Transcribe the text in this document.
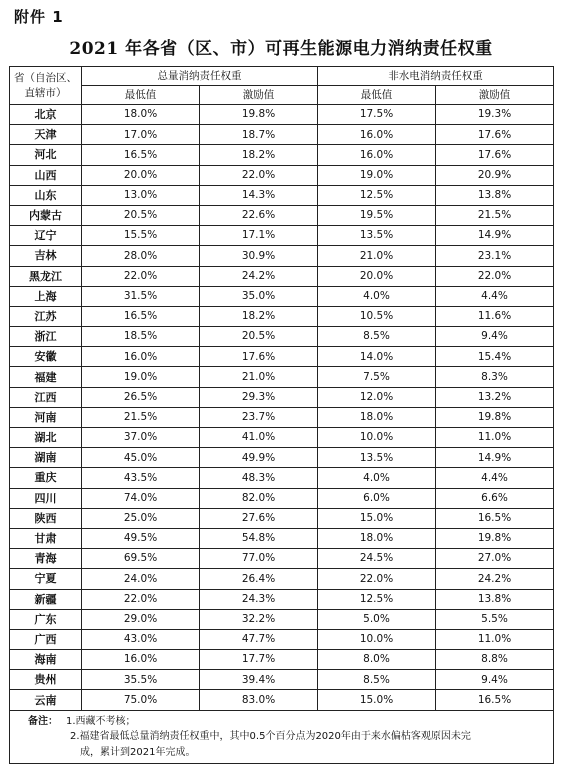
附件 1
2021 年各省（区、市）可再生能源电力消纳责任权重
省（自治区、直辖市）	总量消纳责任权重		非水电消纳责任权重	
	最低值	激励值	最低值	激励值
北京	18.0%	19.8%	17.5%	19.3%
天津	17.0%	18.7%	16.0%	17.6%
河北	16.5%	18.2%	16.0%	17.6%
山西	20.0%	22.0%	19.0%	20.9%
山东	13.0%	14.3%	12.5%	13.8%
内蒙古	20.5%	22.6%	19.5%	21.5%
辽宁	15.5%	17.1%	13.5%	14.9%
吉林	28.0%	30.9%	21.0%	23.1%
黑龙江	22.0%	24.2%	20.0%	22.0%
上海	31.5%	35.0%	4.0%	4.4%
江苏	16.5%	18.2%	10.5%	11.6%
浙江	18.5%	20.5%	8.5%	9.4%
安徽	16.0%	17.6%	14.0%	15.4%
福建	19.0%	21.0%	7.5%	8.3%
江西	26.5%	29.3%	12.0%	13.2%
河南	21.5%	23.7%	18.0%	19.8%
湖北	37.0%	41.0%	10.0%	11.0%
湖南	45.0%	49.9%	13.5%	14.9%
重庆	43.5%	48.3%	4.0%	4.4%
四川	74.0%	82.0%	6.0%	6.6%
陕西	25.0%	27.6%	15.0%	16.5%
甘肃	49.5%	54.8%	18.0%	19.8%
青海	69.5%	77.0%	24.5%	27.0%
宁夏	24.0%	26.4%	22.0%	24.2%
新疆	22.0%	24.3%	12.5%	13.8%
广东	29.0%	32.2%	5.0%	5.5%
广西	43.0%	47.7%	10.0%	11.0%
海南	16.0%	17.7%	8.0%	8.8%
贵州	35.5%	39.4%	8.5%	9.4%
云南	75.0%	83.0%	15.0%	16.5%

备注： 1.西藏不考核；
2.福建省最低总量消纳责任权重中，其中0.5个百分点为2020年由于来水偏枯客观原因未完
成，累计到2021年完成。				
